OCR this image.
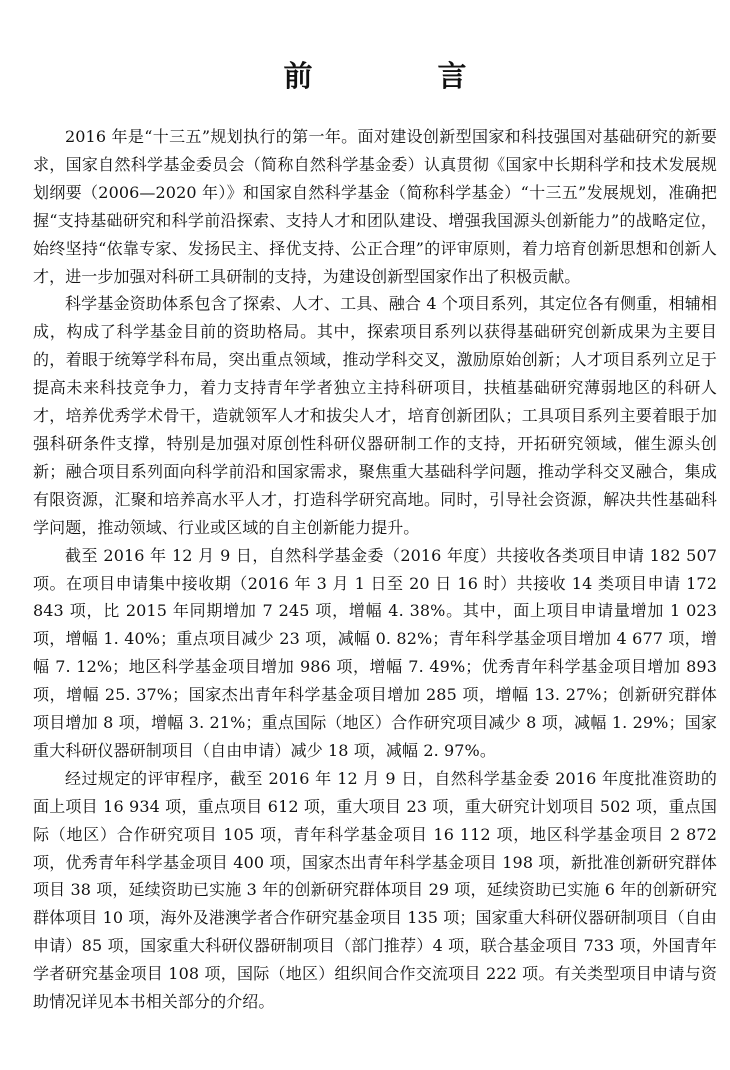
前　言

2016 年是“十三五”规划执行的第一年。面对建设创新型国家和科技强国对基础研究的新要求，国家自然科学基金委员会（简称自然科学基金委）认真贯彻《国家中长期科学和技术发展规划纲要（2006—2020 年）》和国家自然科学基金（简称科学基金）“十三五”发展规划，准确把握“支持基础研究和科学前沿探索、支持人才和团队建设、增强我国源头创新能力”的战略定位，始终坚持“依靠专家、发扬民主、择优支持、公正合理”的评审原则，着力培育创新思想和创新人才，进一步加强对科研工具研制的支持，为建设创新型国家作出了积极贡献。

科学基金资助体系包含了探索、人才、工具、融合 4 个项目系列，其定位各有侧重，相辅相成，构成了科学基金目前的资助格局。其中，探索项目系列以获得基础研究创新成果为主要目的，着眼于统筹学科布局，突出重点领域，推动学科交叉，激励原始创新；人才项目系列立足于提高未来科技竞争力，着力支持青年学者独立主持科研项目，扶植基础研究薄弱地区的科研人才，培养优秀学术骨干，造就领军人才和拔尖人才，培育创新团队；工具项目系列主要着眼于加强科研条件支撑，特别是加强对原创性科研仪器研制工作的支持，开拓研究领域，催生源头创新；融合项目系列面向科学前沿和国家需求，聚焦重大基础科学问题，推动学科交叉融合，集成有限资源，汇聚和培养高水平人才，打造科学研究高地。同时，引导社会资源，解决共性基础科学问题，推动领域、行业或区域的自主创新能力提升。

截至 2016 年 12 月 9 日，自然科学基金委（2016 年度）共接收各类项目申请 182 507 项。在项目申请集中接收期（2016 年 3 月 1 日至 20 日 16 时）共接收 14 类项目申请 172 843 项，比 2015 年同期增加 7 245 项，增幅 4. 38%。其中，面上项目申请量增加 1 023 项，增幅 1. 40%；重点项目减少 23 项，减幅 0. 82%；青年科学基金项目增加 4 677 项，增幅 7. 12%；地区科学基金项目增加 986 项，增幅 7. 49%；优秀青年科学基金项目增加 893 项，增幅 25. 37%；国家杰出青年科学基金项目增加 285 项，增幅 13. 27%；创新研究群体项目增加 8 项，增幅 3. 21%；重点国际（地区）合作研究项目减少 8 项，减幅 1. 29%；国家重大科研仪器研制项目（自由申请）减少 18 项，减幅 2. 97%。

经过规定的评审程序，截至 2016 年 12 月 9 日，自然科学基金委 2016 年度批准资助的面上项目 16 934 项，重点项目 612 项，重大项目 23 项，重大研究计划项目 502 项，重点国际（地区）合作研究项目 105 项，青年科学基金项目 16 112 项，地区科学基金项目 2 872 项，优秀青年科学基金项目 400 项，国家杰出青年科学基金项目 198 项，新批准创新研究群体项目 38 项，延续资助已实施 3 年的创新研究群体项目 29 项，延续资助已实施 6 年的创新研究群体项目 10 项，海外及港澳学者合作研究基金项目 135 项；国家重大科研仪器研制项目（自由申请）85 项，国家重大科研仪器研制项目（部门推荐）4 项，联合基金项目 733 项，外国青年学者研究基金项目 108 项，国际（地区）组织间合作交流项目 222 项。有关类型项目申请与资助情况详见本书相关部分的介绍。
